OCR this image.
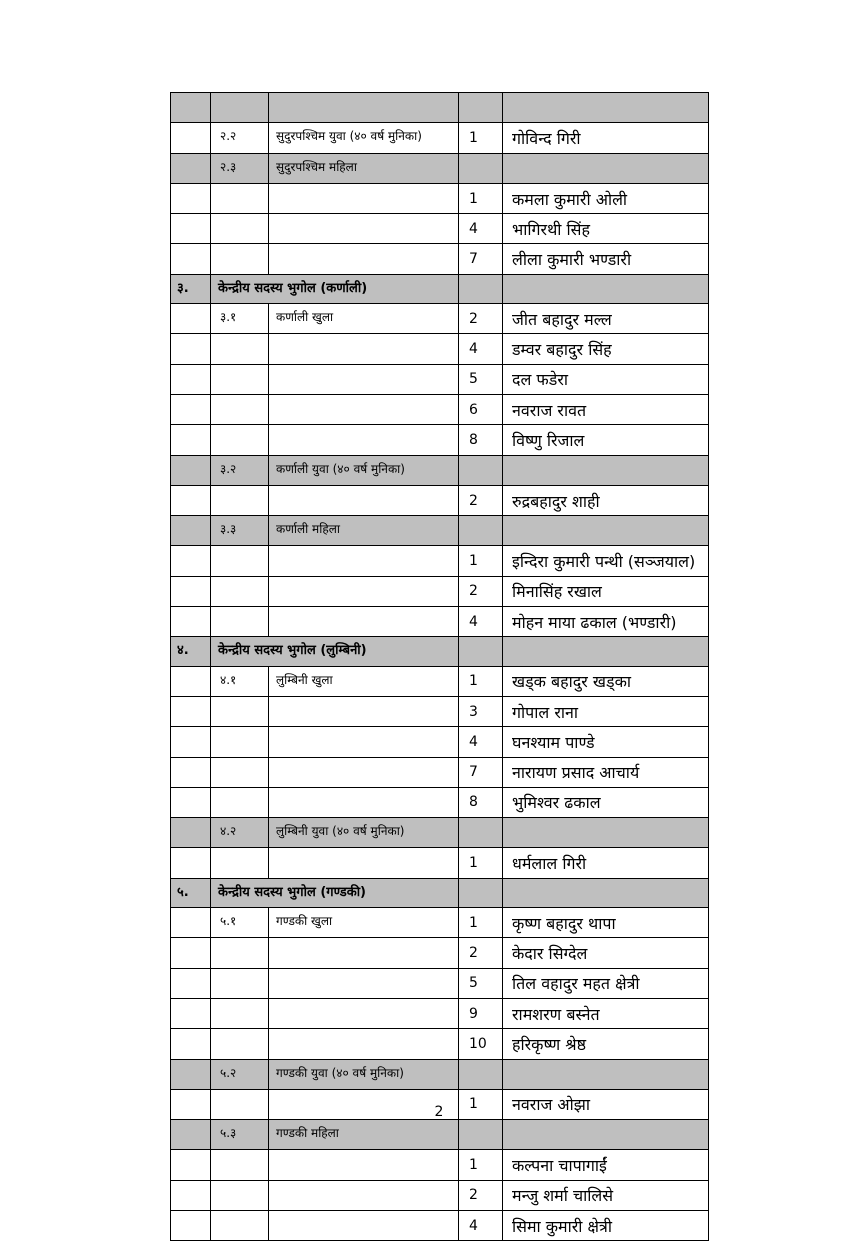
	२.२	सुदुरपश्चिम युवा (४० वर्ष मुनिका)	1	गोविन्द गिरी
	२.३	सुदुरपश्चिम महिला		
			1	कमला कुमारी ओली
			4	भागिरथी सिंह
			7	लीला कुमारी भण्डारी
३.	केन्द्रीय सदस्य भुगोल (कर्णाली)			
	३.१	कर्णाली खुला	2	जीत बहादुर मल्ल
			4	डम्वर बहादुर सिंह
			5	दल फडेरा
			6	नवराज रावत
			8	विष्णु रिजाल
	३.२	कर्णाली युवा (४० वर्ष मुनिका)		
			2	रुद्रबहादुर शाही
	३.३	कर्णाली महिला		
			1	इन्दिरा कुमारी पन्थी (सञ्जयाल)
			2	मिनासिंह रखाल
			4	मोहन माया ढकाल (भण्डारी)
४.	केन्द्रीय सदस्य भुगोल (लुम्बिनी)			
	४.१	लुम्बिनी खुला	1	खड्क बहादुर खड्का
			3	गोपाल राना
			4	घनश्याम पाण्डे
			7	नारायण प्रसाद आचार्य
			8	भुमिश्वर ढकाल
	४.२	लुम्बिनी युवा (४० वर्ष मुनिका)		
			1	धर्मलाल गिरी
५.	केन्द्रीय सदस्य भुगोल (गण्डकी)			
	५.१	गण्डकी खुला	1	कृष्ण बहादुर थापा
			2	केदार सिग्देल
			5	तिल वहादुर महत क्षेत्री
			9	रामशरण बस्नेत
			10	हरिकृष्ण श्रेष्ठ
	५.२	गण्डकी युवा (४० वर्ष मुनिका)		
			1	नवराज ओझा
	५.३	गण्डकी महिला		
			1	कल्पना चापागाईं
			2	मन्जु शर्मा चालिसे
			4	सिमा कुमारी क्षेत्री
2
